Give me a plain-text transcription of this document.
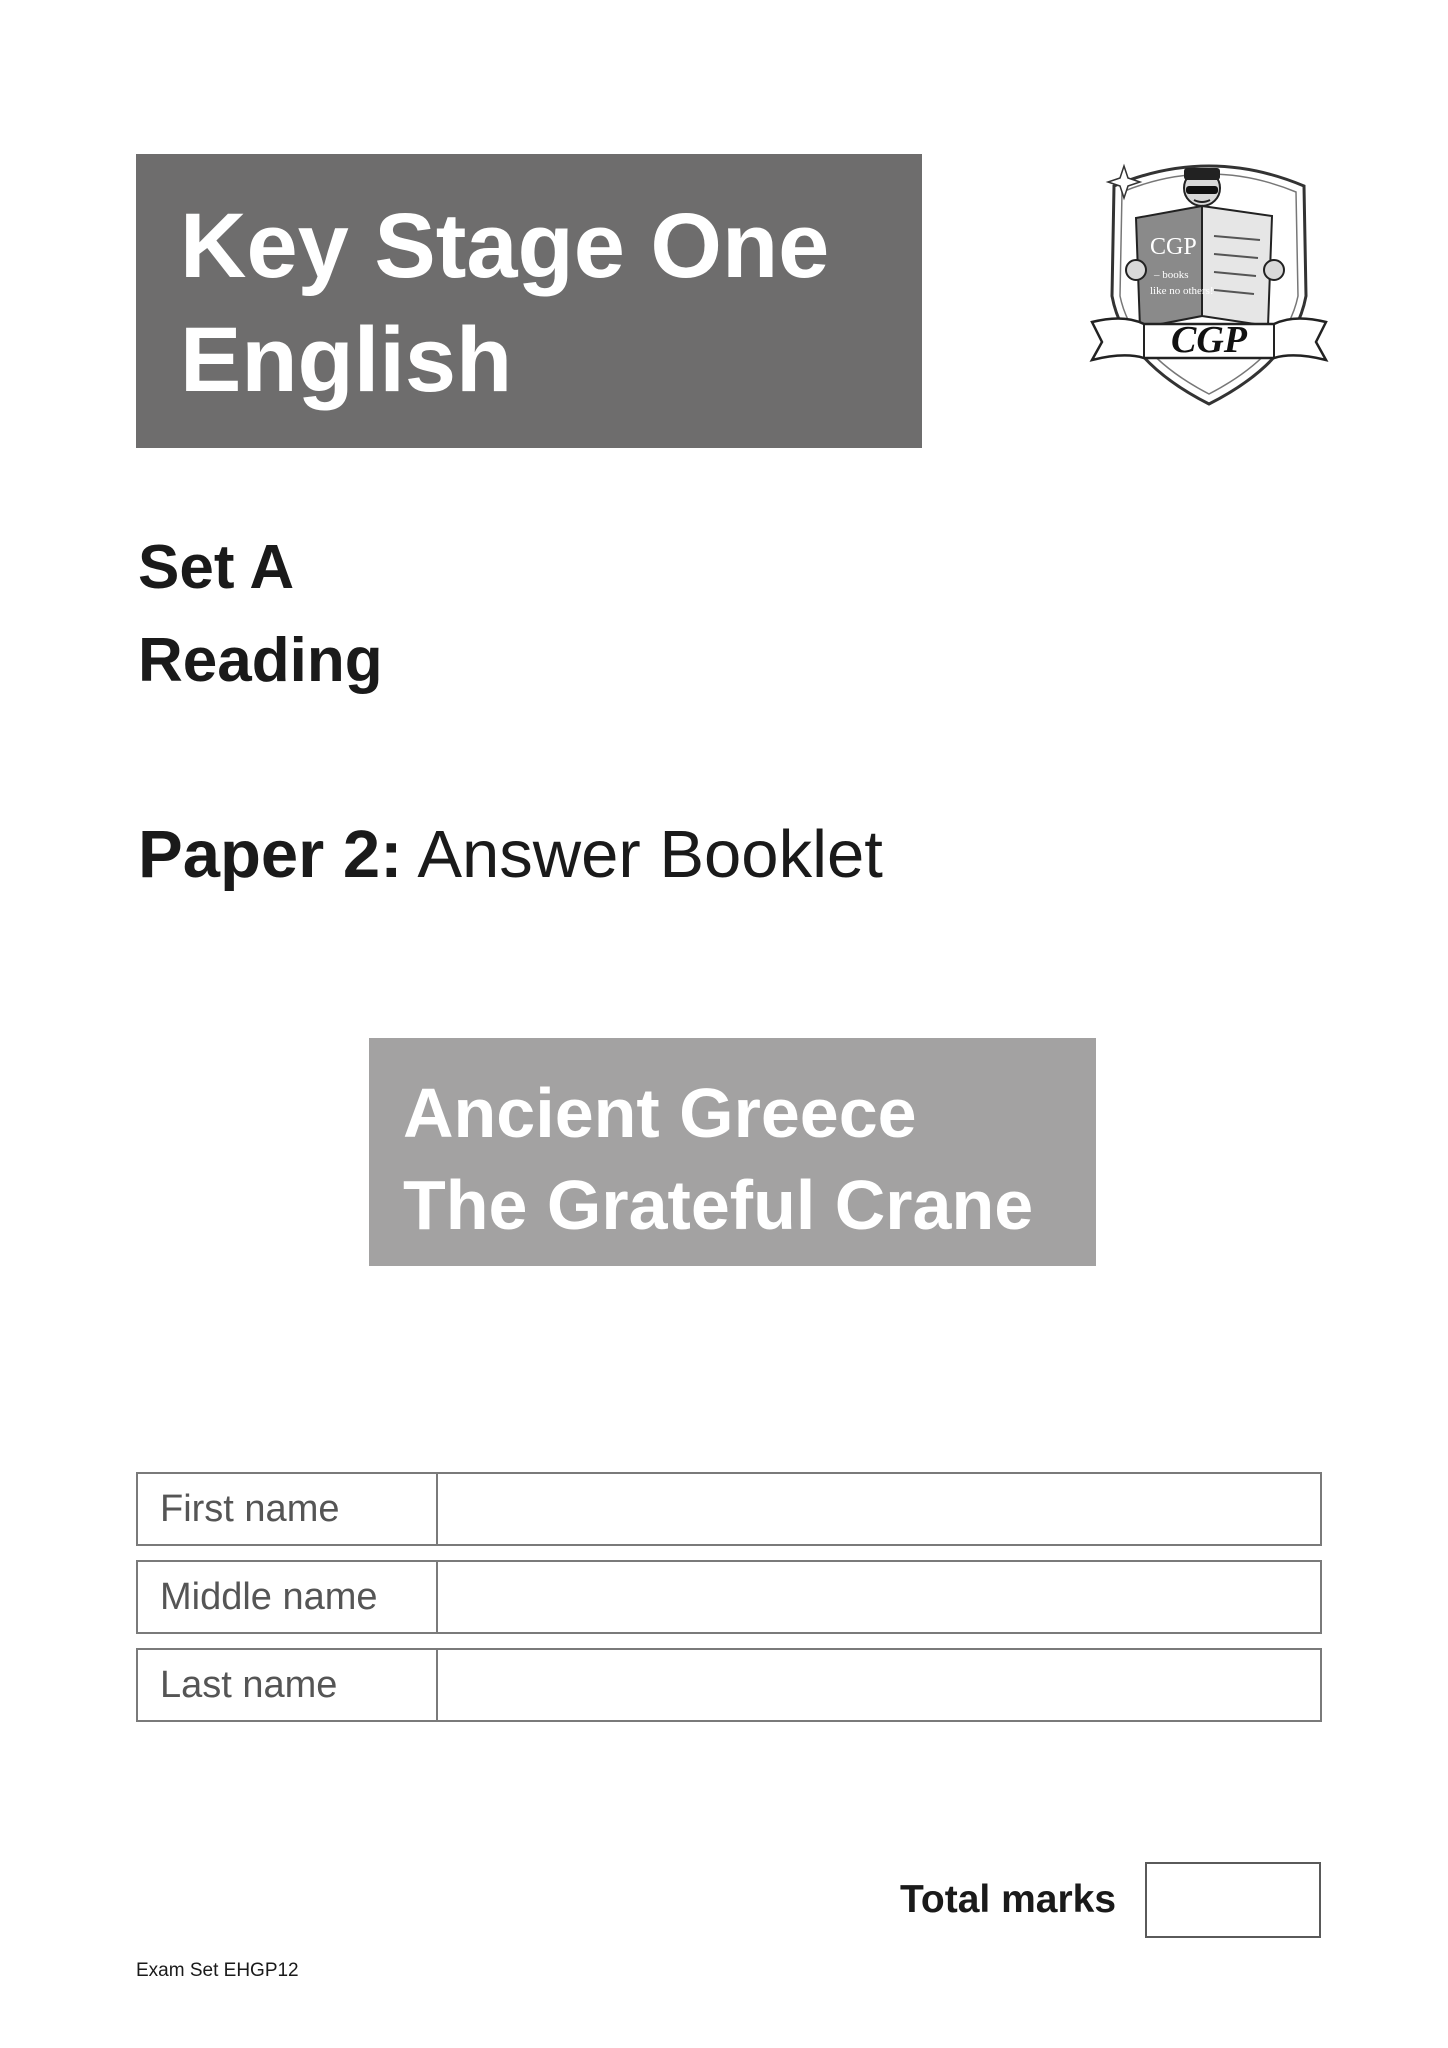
Key Stage One
English
CGP
– books
like no others!
CGP
Set A
Reading
Paper 2: Answer Booklet
Ancient Greece
The Grateful Crane
First name
Middle name
Last name
Total marks
Exam Set EHGP12
